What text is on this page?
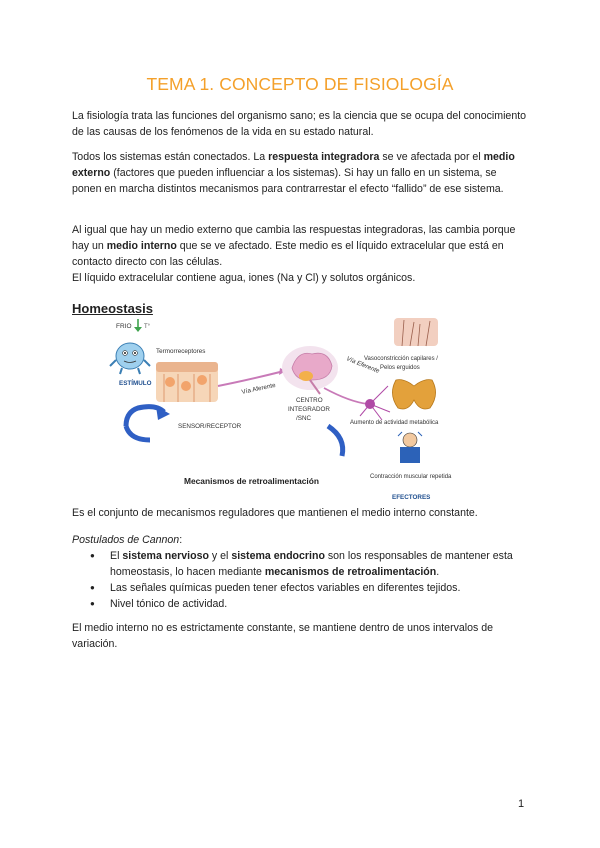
TEMA 1. CONCEPTO DE FISIOLOGÍA

La fisiología trata las funciones del organismo sano; es la ciencia que se ocupa del conocimiento de las causas de los fenómenos de la vida en su estado natural.

Todos los sistemas están conectados. La respuesta integradora se ve afectada por el medio externo (factores que pueden influenciar a los sistemas). Si hay un fallo en un sistema, se ponen en marcha distintos mecanismos para contrarrestar el efecto “fallido” de ese sistema.

Al igual que hay un medio externo que cambia las respuestas integradoras, las cambia porque hay un medio interno que se ve afectado. Este medio es el líquido extracelular que está en contacto directo con las células.

El líquido extracelular contiene agua, iones (Na y Cl) y solutos orgánicos.

Homeostasis
FRIO T°
ESTÍMULO
Termorreceptores
Vía Aferente
Vía Eferente
CENTRO
INTEGRADOR
/SNC
Vasoconstricción capilares /
Pelos erguidos
Aumento de actividad metabólica
Contracción muscular repetida
EFECTORES
SENSOR/RECEPTOR
Mecanismos de retroalimentación

Es el conjunto de mecanismos reguladores que mantienen el medio interno constante.

Postulados de Cannon:

● El sistema nervioso y el sistema endocrino son los responsables de mantener esta homeostasis, lo hacen mediante mecanismos de retroalimentación.
● Las señales químicas pueden tener efectos variables en diferentes tejidos.
● Nivel tónico de actividad.

El medio interno no es estrictamente constante, se mantiene dentro de unos intervalos de variación.

1
